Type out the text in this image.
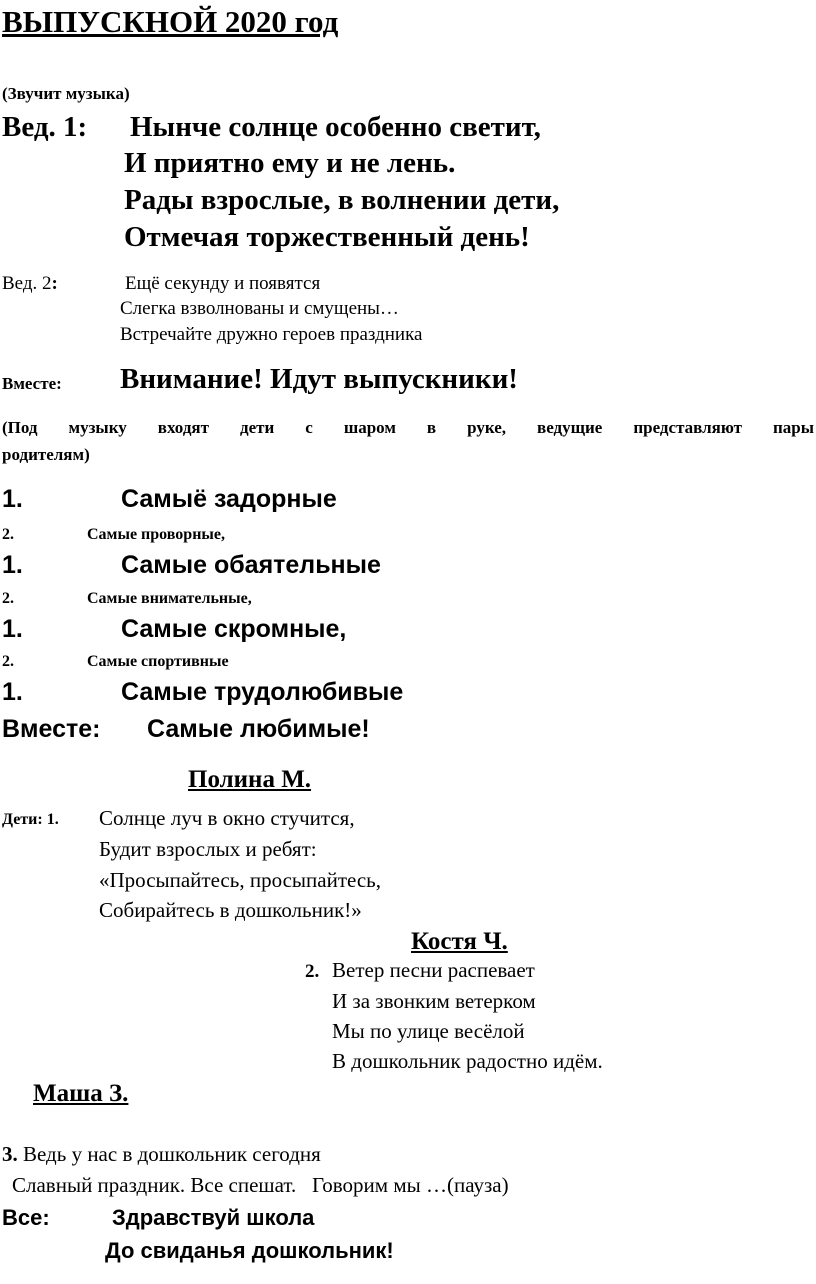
ВЫПУСКНОЙ 2020 год
(Звучит музыка)
Вед. 1: Нынче солнце особенно светит,
И приятно ему и не лень.
Рады взрослые, в волнении дети,
Отмечая торжественный день!
Вед. 2:	Ещё секунду и появятся
Слегка взволнованы и смущены…
Встречайте дружно героев праздника
Вместе: Внимание! Идут выпускники!
(Под музыку входят дети с шаром в руке, ведущие представляют пары
родителям)
1.	Самыё задорные
2.	Самые проворные,
1.	Самые обаятельные
2.	Самые внимательные,
1.	Самые скромные,
2.	Самые спортивные
1.	Самые трудолюбивые
Вместе: Самые любимые!
Полина М.
Дети: 1. Солнце луч в окно стучится,
Будит взрослых и ребят:
«Просыпайтесь, просыпайтесь,
Собирайтесь в дошкольник!»
Костя Ч.
2. Ветер песни распевает
И за звонким ветерком
Мы по улице весёлой
В дошкольник радостно идём.
Маша З.
3. Ведь у нас в дошкольник сегодня
Славный праздник. Все спешат.   Говорим мы …(пауза)
Все:	Здравствуй школа
До свиданья дошкольник!
